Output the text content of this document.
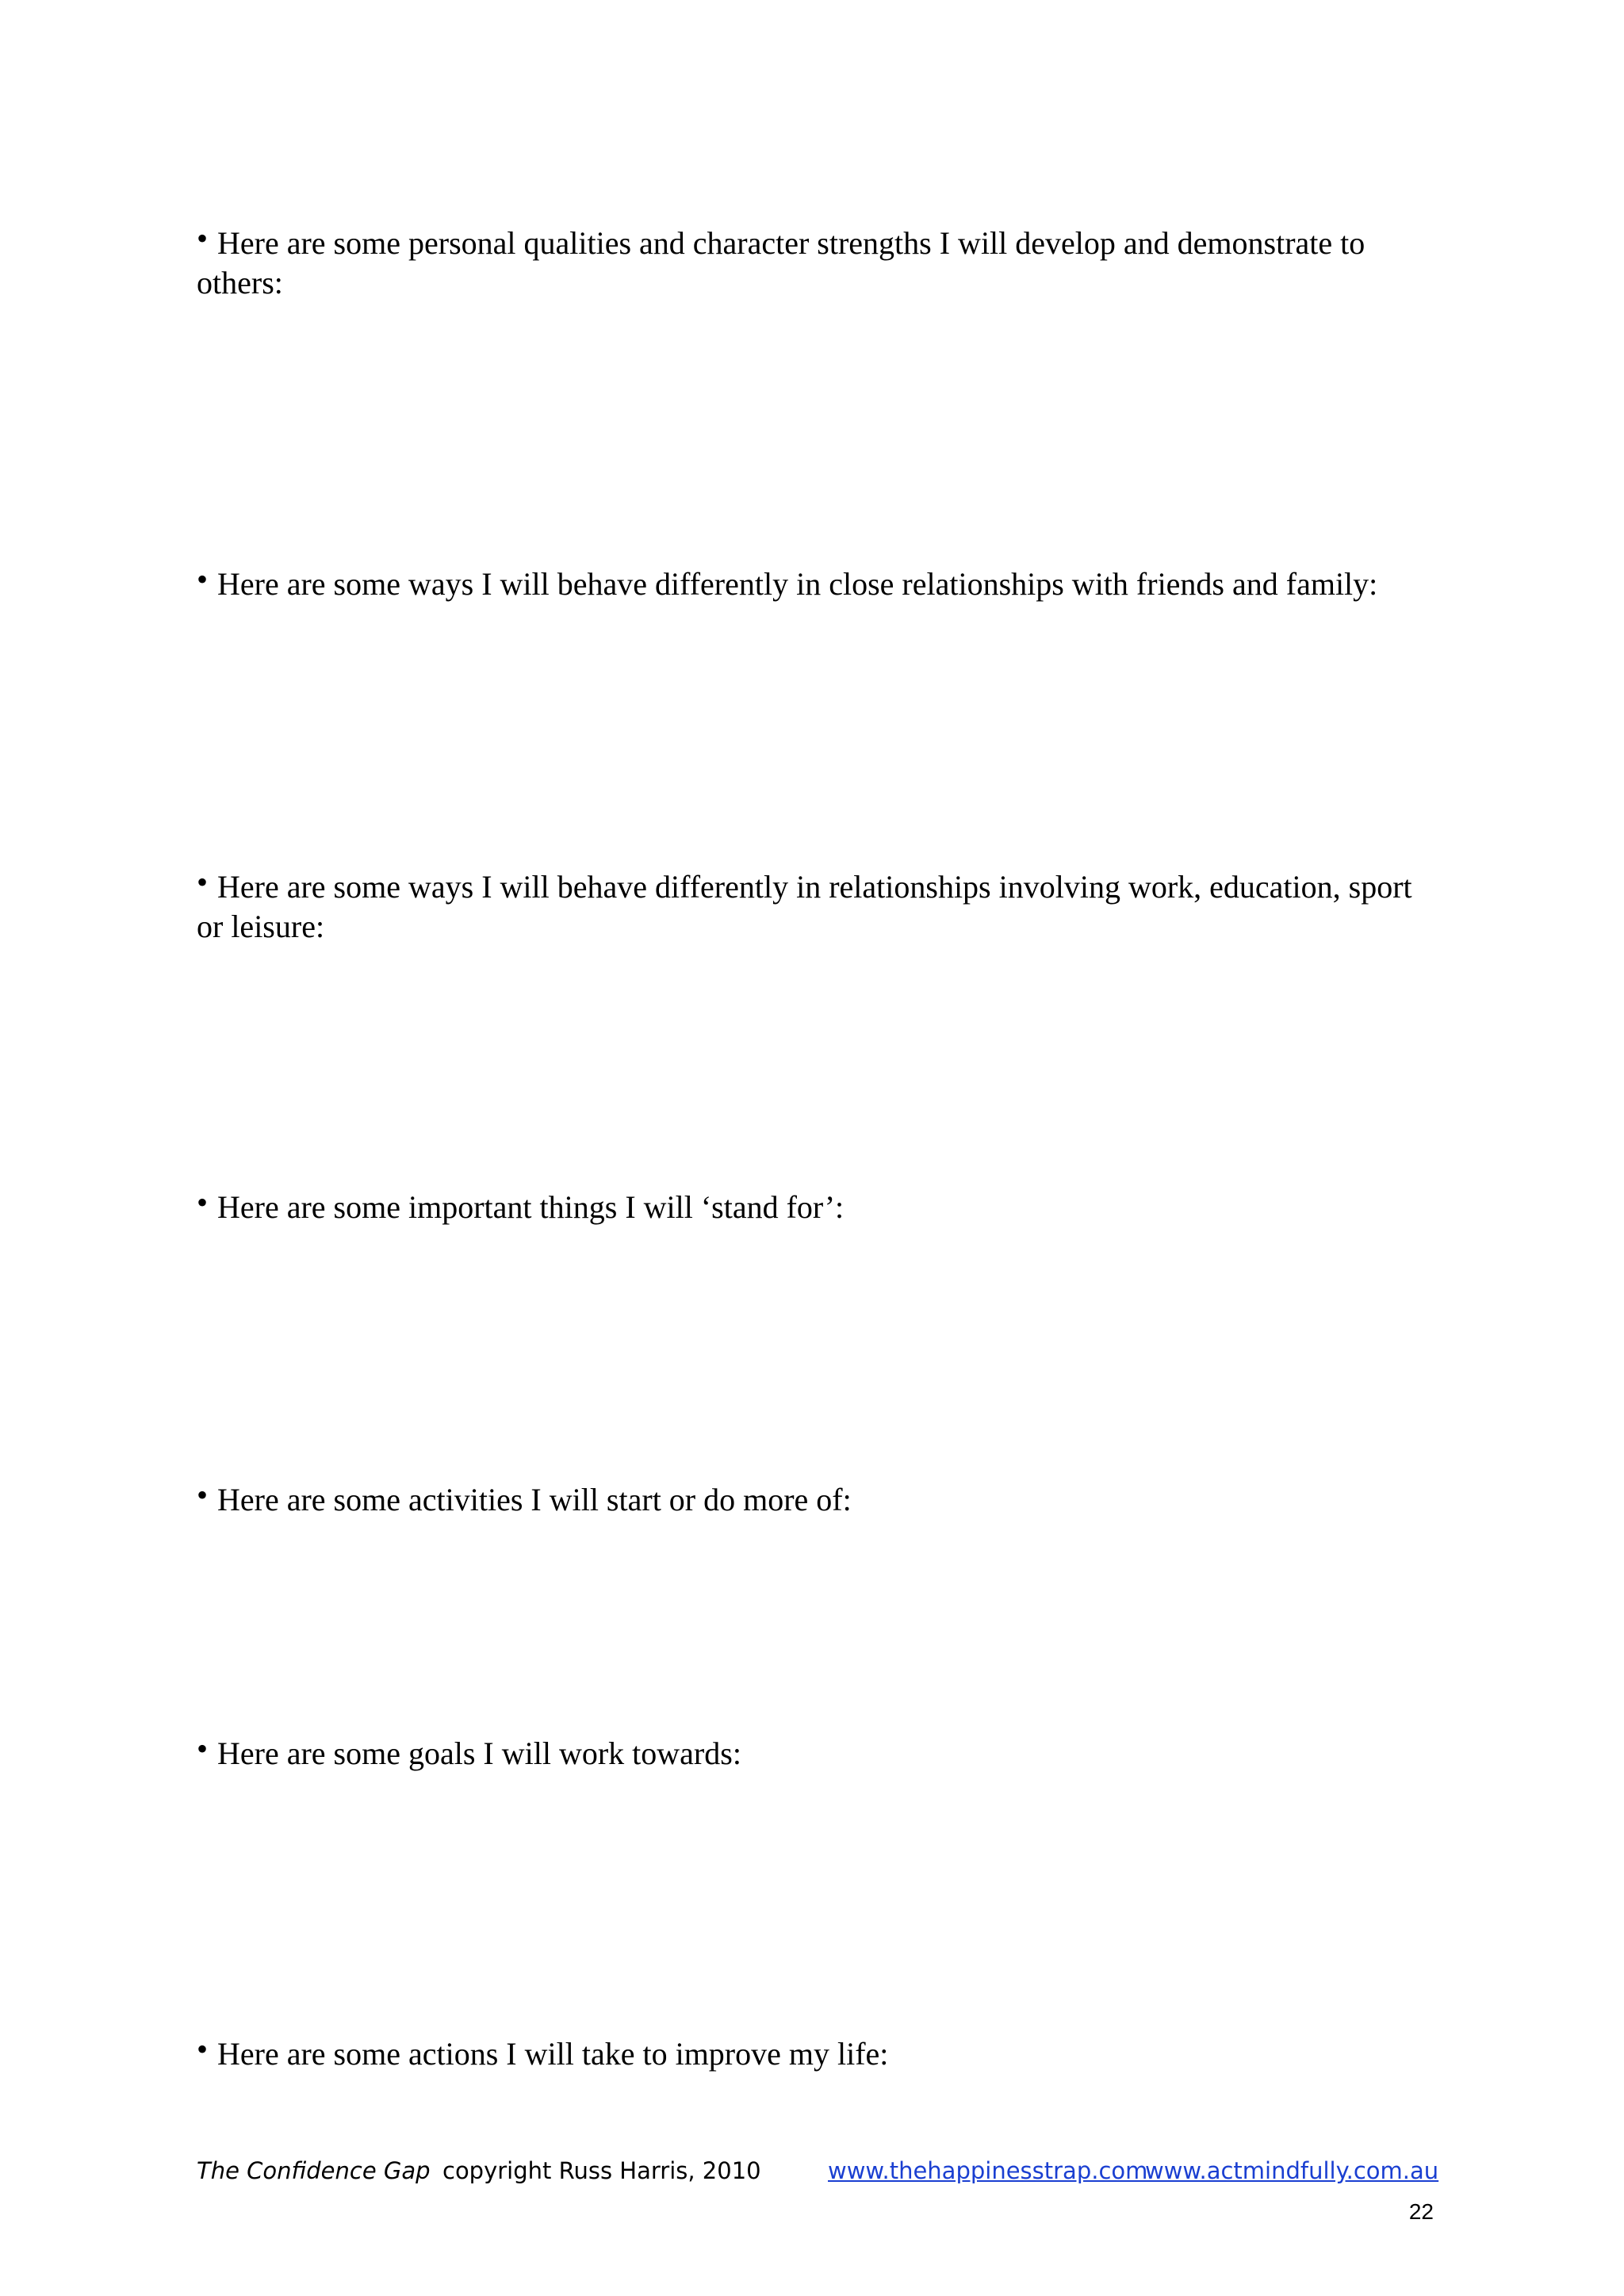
• Here are some personal qualities and character strengths I will develop and demonstrate to others:

• Here are some ways I will behave differently in close relationships with friends and family:

• Here are some ways I will behave differently in relationships involving work, education, sport or leisure:

• Here are some important things I will ‘stand for’:

• Here are some activities I will start or do more of:

• Here are some goals I will work towards:

• Here are some actions I will take to improve my life:

The Confidence Gap copyright Russ Harris, 2010	www.thehappinesstrap.com
www.actmindfully.com.au
22
